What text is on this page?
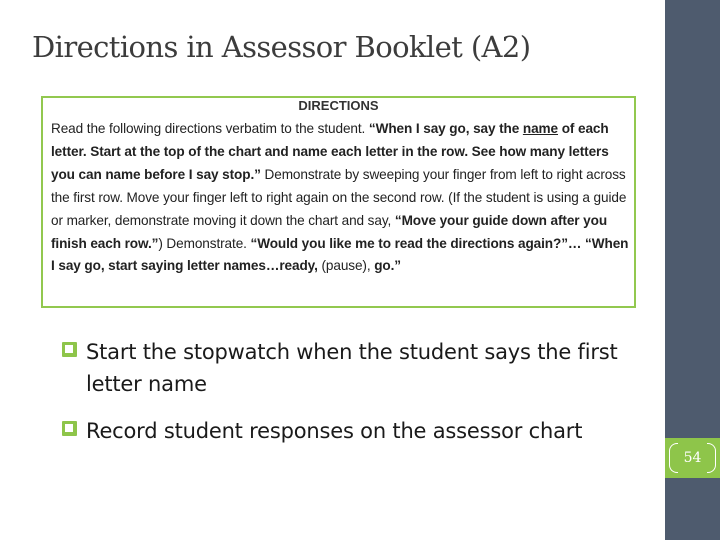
Directions in Assessor Booklet (A2)
DIRECTIONS
Read the following directions verbatim to the student. “When I say go, say the name of each letter. Start at the top of the chart and name each letter in the row. See how many letters you can name before I say stop.” Demonstrate by sweeping your finger from left to right across the first row. Move your finger left to right again on the second row. (If the student is using a guide or marker, demonstrate moving it down the chart and say, “Move your guide down after you finish each row.”) Demonstrate. “Would you like me to read the directions again?”… “When I say go, start saying letter names…ready, (pause), go.”
Start the stopwatch when the student says the first letter name
Record student responses on the assessor chart
54
